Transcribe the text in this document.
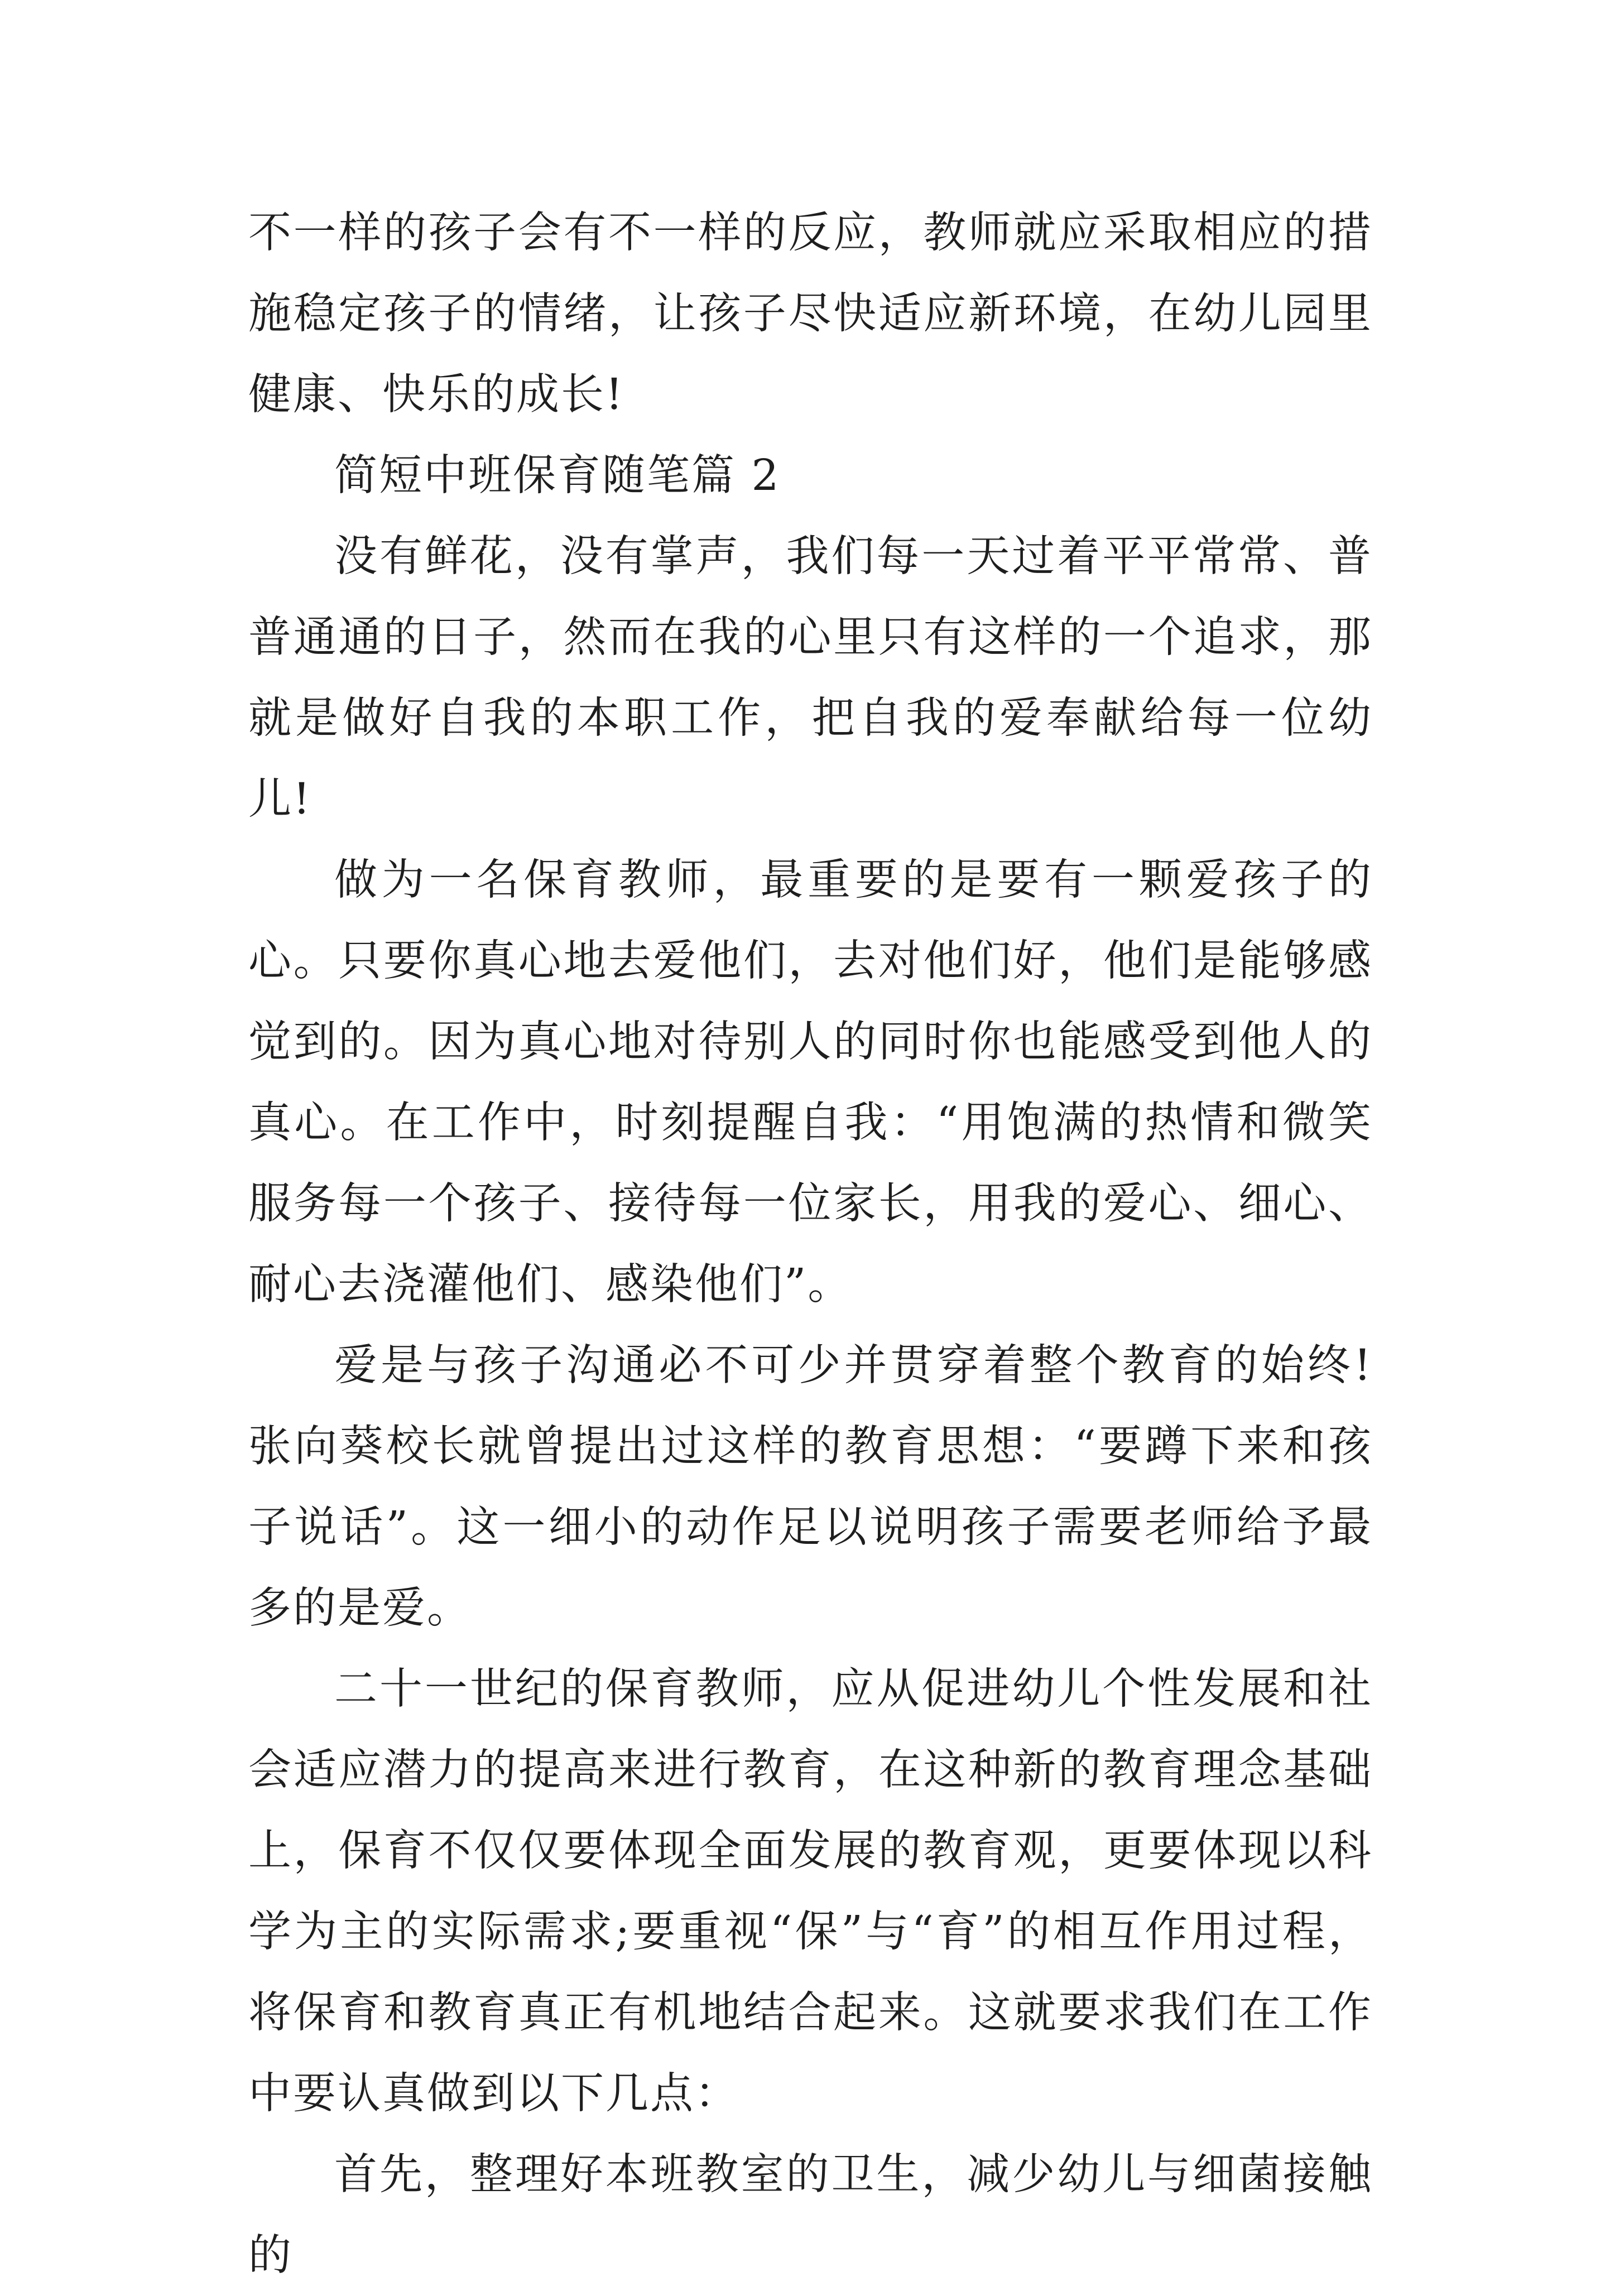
不一样的孩子会有不一样的反应，教师就应采取相应的措施稳定孩子的情绪，让孩子尽快适应新环境，在幼儿园里健康、快乐的成长!

简短中班保育随笔篇 2

没有鲜花，没有掌声，我们每一天过着平平常常、普普通通的日子，然而在我的心里只有这样的一个追求，那就是做好自我的本职工作，把自我的爱奉献给每一位幼儿!

做为一名保育教师，最重要的是要有一颗爱孩子的心。只要你真心地去爱他们，去对他们好，他们是能够感觉到的。因为真心地对待别人的同时你也能感受到他人的真心。在工作中，时刻提醒自我：“用饱满的热情和微笑服务每一个孩子、接待每一位家长，用我的爱心、细心、耐心去浇灌他们、感染他们”。

爱是与孩子沟通必不可少并贯穿着整个教育的始终!张向葵校长就曾提出过这样的教育思想：“要蹲下来和孩子说话”。这一细小的动作足以说明孩子需要老师给予最多的是爱。

二十一世纪的保育教师，应从促进幼儿个性发展和社会适应潜力的提高来进行教育，在这种新的教育理念基础上，保育不仅仅要体现全面发展的教育观，更要体现以科学为主的实际需求;要重视“保”与“育”的相互作用过程，将保育和教育真正有机地结合起来。这就要求我们在工作中要认真做到以下几点：

首先，整理好本班教室的卫生，减少幼儿与细菌接触的
